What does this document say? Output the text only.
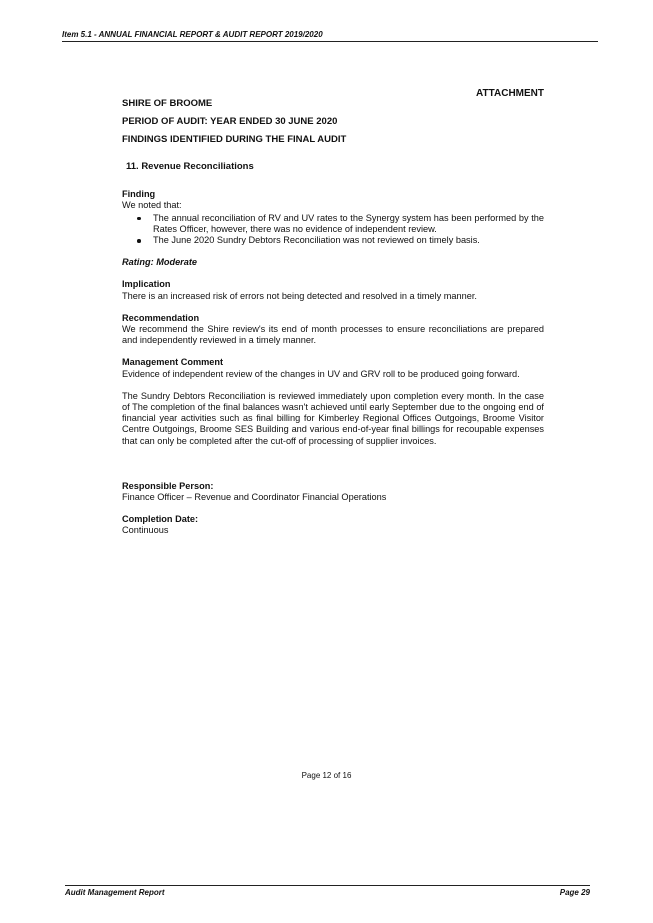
Item 5.1 - ANNUAL FINANCIAL REPORT & AUDIT REPORT 2019/2020
ATTACHMENT
SHIRE OF BROOME
PERIOD OF AUDIT: YEAR ENDED 30 JUNE 2020
FINDINGS IDENTIFIED DURING THE FINAL AUDIT
11. Revenue Reconciliations
Finding
We noted that:
The annual reconciliation of RV and UV rates to the Synergy system has been performed by the Rates Officer, however, there was no evidence of independent review.
The June 2020 Sundry Debtors Reconciliation was not reviewed on timely basis.
Rating: Moderate
Implication
There is an increased risk of errors not being detected and resolved in a timely manner.
Recommendation
We recommend the Shire review's its end of month processes to ensure reconciliations are prepared and independently reviewed in a timely manner.
Management Comment
Evidence of independent review of the changes in UV and GRV roll to be produced going forward.
The Sundry Debtors Reconciliation is reviewed immediately upon completion every month. In the case of The completion of the final balances wasn't achieved until early September due to the ongoing end of financial year activities such as final billing for Kimberley Regional Offices Outgoings, Broome Visitor Centre Outgoings, Broome SES Building and various end-of-year final billings for recoupable expenses that can only be completed after the cut-off of processing of supplier invoices.
Responsible Person:
Finance Officer – Revenue and Coordinator Financial Operations
Completion Date:
Continuous
Page 12 of 16
Audit Management Report	Page 29
